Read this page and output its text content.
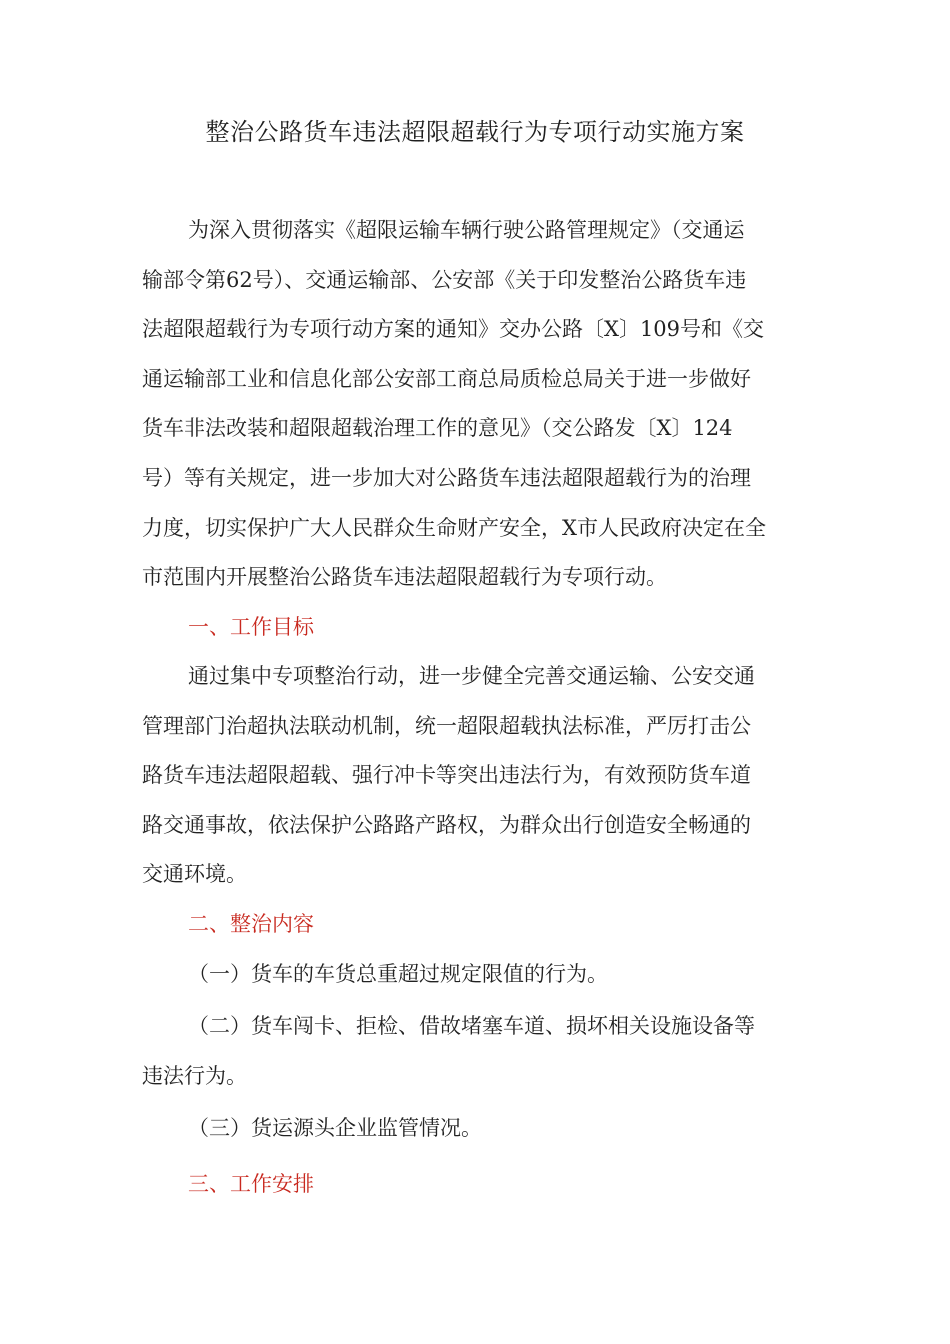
整治公路货车违法超限超载行为专项行动实施方案
为深入贯彻落实《超限运输车辆行驶公路管理规定》（交通运
输部令第62号）、交通运输部、公安部《关于印发整治公路货车违
法超限超载行为专项行动方案的通知》交办公路〔X〕109号和《交
通运输部工业和信息化部公安部工商总局质检总局关于进一步做好
货车非法改装和超限超载治理工作的意见》（交公路发〔X〕124
号）等有关规定，进一步加大对公路货车违法超限超载行为的治理
力度，切实保护广大人民群众生命财产安全，X市人民政府决定在全
市范围内开展整治公路货车违法超限超载行为专项行动。
一、工作目标
通过集中专项整治行动，进一步健全完善交通运输、公安交通
管理部门治超执法联动机制，统一超限超载执法标准，严厉打击公
路货车违法超限超载、强行冲卡等突出违法行为，有效预防货车道
路交通事故，依法保护公路路产路权，为群众出行创造安全畅通的
交通环境。
二、整治内容
（一）货车的车货总重超过规定限值的行为。
（二）货车闯卡、拒检、借故堵塞车道、损坏相关设施设备等
违法行为。
（三）货运源头企业监管情况。
三、工作安排
